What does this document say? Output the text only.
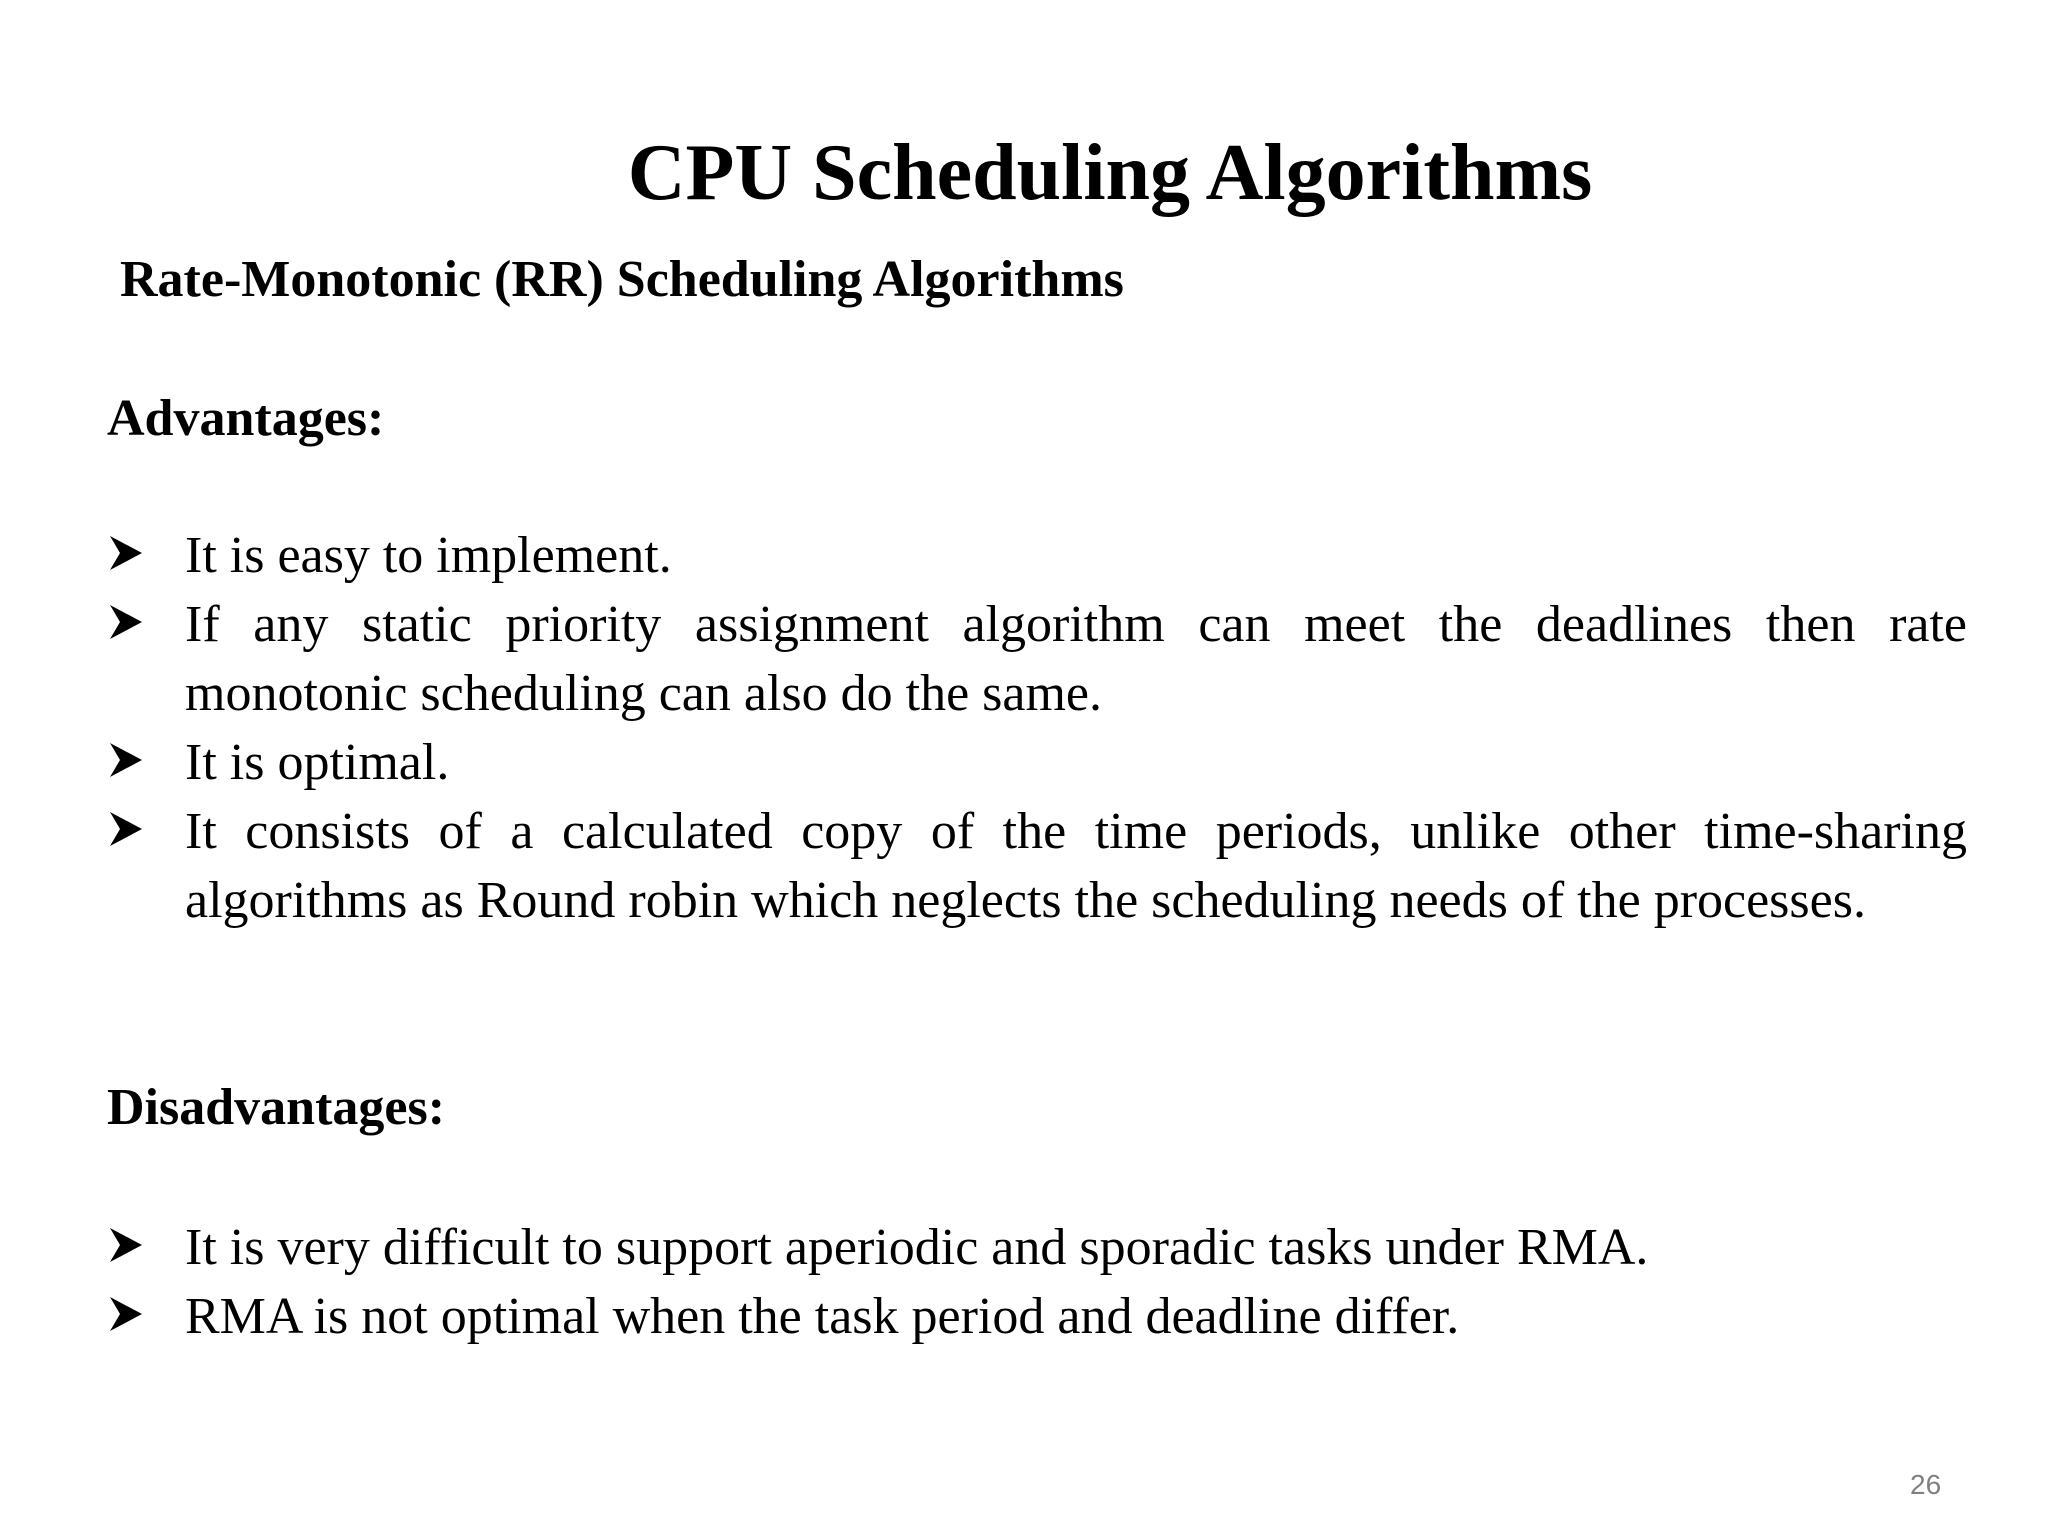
CPU Scheduling Algorithms
Rate-Monotonic (RR) Scheduling Algorithms
Advantages:
It is easy to implement.
If any static priority assignment algorithm can meet the deadlines then rate monotonic scheduling can also do the same.
It is optimal.
It consists of a calculated copy of the time periods, unlike other time-sharing algorithms as Round robin which neglects the scheduling needs of the processes.
Disadvantages:
It is very difficult to support aperiodic and sporadic tasks under RMA.
RMA is not optimal when the task period and deadline differ.
26
